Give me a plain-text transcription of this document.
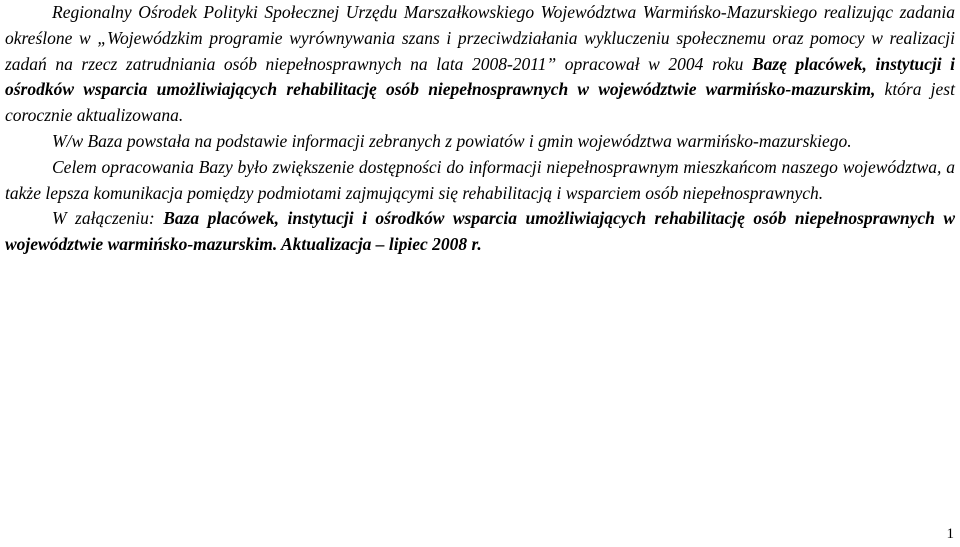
Regionalny Ośrodek Polityki Społecznej Urzędu Marszałkowskiego Województwa Warmińsko-Mazurskiego realizując zadania określone w „Wojewódzkim programie wyrównywania szans i przeciwdziałania wykluczeniu społecznemu oraz pomocy w realizacji zadań na rzecz zatrudniania osób niepełnosprawnych na lata 2008-2011” opracował w 2004 roku Bazę placówek, instytucji i ośrodków wsparcia umożliwiających rehabilitację osób niepełnosprawnych w województwie warmińsko-mazurskim, która jest corocznie aktualizowana.

W/w Baza powstała na podstawie informacji zebranych z powiatów i gmin województwa warmińsko-mazurskiego.

Celem opracowania Bazy było zwiększenie dostępności do informacji niepełnosprawnym mieszkańcom naszego województwa, a także lepsza komunikacja pomiędzy podmiotami zajmującymi się rehabilitacją i wsparciem osób niepełnosprawnych.

W załączeniu: Baza placówek, instytucji i ośrodków wsparcia umożliwiających rehabilitację osób niepełnosprawnych w województwie warmińsko-mazurskim. Aktualizacja – lipiec 2008 r.

1
